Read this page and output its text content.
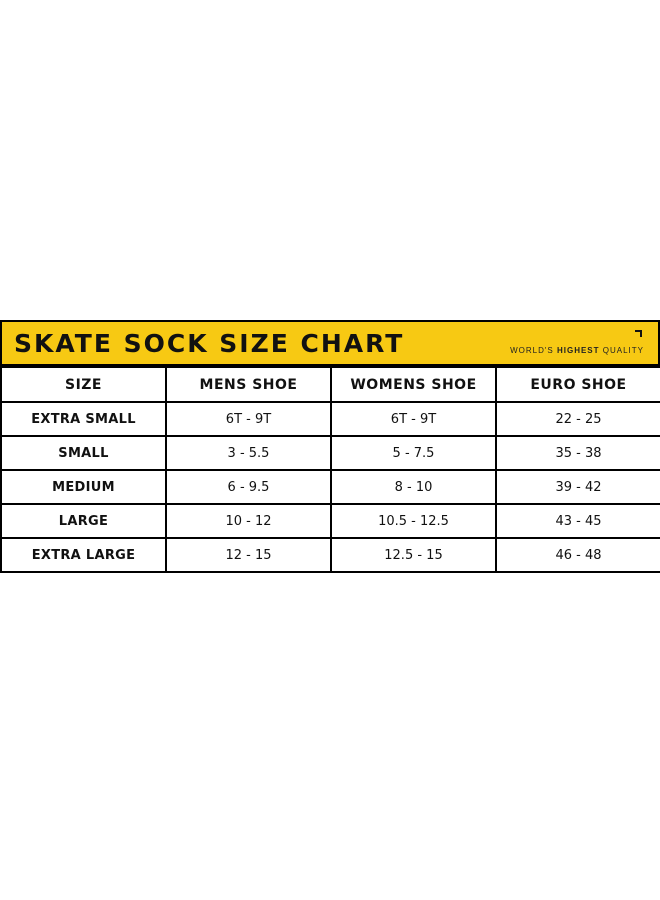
SKATE SOCK SIZE CHART	WORLD'S HIGHEST QUALITY
SIZE	MENS SHOE	WOMENS SHOE	EURO SHOE
EXTRA SMALL	6T - 9T	6T - 9T	22 - 25
SMALL	3 - 5.5	5 - 7.5	35 - 38
MEDIUM	6 - 9.5	8 - 10	39 - 42
LARGE	10 - 12	10.5 - 12.5	43 - 45
EXTRA LARGE	12 - 15	12.5 - 15	46 - 48
